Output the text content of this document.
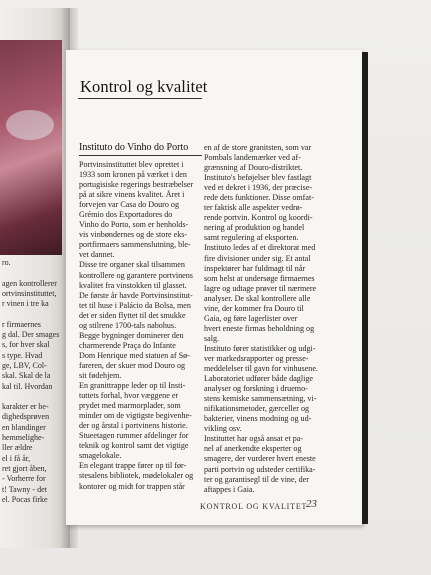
ro.

agen kontrollerer
ortvinsinstituttet,
r vinen i tre ka

r firmaernes
g dal. Der smages
s, for hver skal
s type. Hvad
ge, LBV, Col-
skal. Skal de la
kal til. Hvordan

karakter er be-
dighedsprøven
en blandinger
hemmelighe-
ller ældre
el i få år,
ret gjort åben,
- Vorherre for
t! Tawny - det
el. Pocas firke
Kontrol og kvalitet
Instituto do Vinho do Porto
Portvinsinstituttet blev oprettet i
1933 som kronen på værket i den
portugisiske regerings bestræbelser
på at sikre vinens kvalitet. Året i
forvejen var Casa do Douro og
Grémio dos Exportadores do
Vinho do Porto, som er henholds-
vis vinbøndernes og de store eks-
portfirmaers sammenslutning, ble-
vet dannet.
Disse tre organer skal tilsammen
kontrollere og garantere portvinens
kvalitet fra vinstokken til glasset.
De første år havde Portvinsinstitut-
tet til huse i Palácio da Bolsa, men
det er siden flyttet til det smukke
og stilrene 1700-tals nabohus.
Begge bygninger dominerer den
charmerende Praça do Infante
Dom Henrique med statuen af Sø-
fareren, der skuer mod Douro og
sit fødehjem.
En granittrappe leder op til Insti-
tuttets forhal, hvor væggene er
prydet med marmorplader, som
minder om de vigtigste begivenhe-
der og årstal i portvinens historie.
Stueetagen rummer afdelinger for
teknik og kontrol samt det vigtige
smagelokale.
En elegant trappe fører op til før-
stesalens bibliotek, mødelokaler og
kontorer og midt for trappen står
en af de store granitsten, som var
Pombals landemærker ved af-
grænsning af Douro-distriktet.
Instituto's beføjelser blev fastlagt
ved et dekret i 1936, der præcise-
rede dets funktioner. Disse omfat-
ter faktisk alle aspekter vedrø-
rende portvin. Kontrol og koordi-
nering af produktion og handel
samt regulering af eksporten.
Instituto ledes af et direktorat med
fire divisioner under sig. Et antal
inspektører har fuldmagt til når
som helst at undersøge firmaernes
lagre og udtage prøver til nærmere
analyser. De skal kontrollere alle
vine, der kommer fra Douro til
Gaia, og føre lagerlister over
hvert eneste firmas beholdning og
salg.
Instituto fører statistikker og udgi-
ver markedsrapporter og presse-
meddelelser til gavn for vinhusene.
Laboratoriet udfører både daglige
analyser og forskning i druemo-
stens kemiske sammensætning, vi-
nifikationsmetoder, gærceller og
bakterier, vinens modning og ud-
vikling osv.
Instituttet har også ansat et pa-
nel af anerkendte eksperter og
smagere, der vurderer hvert eneste
parti portvin og udsteder certifika-
ter og garantisegl til de vine, der
aftappes i Gaia.
KONTROL OG KVALITET
23
